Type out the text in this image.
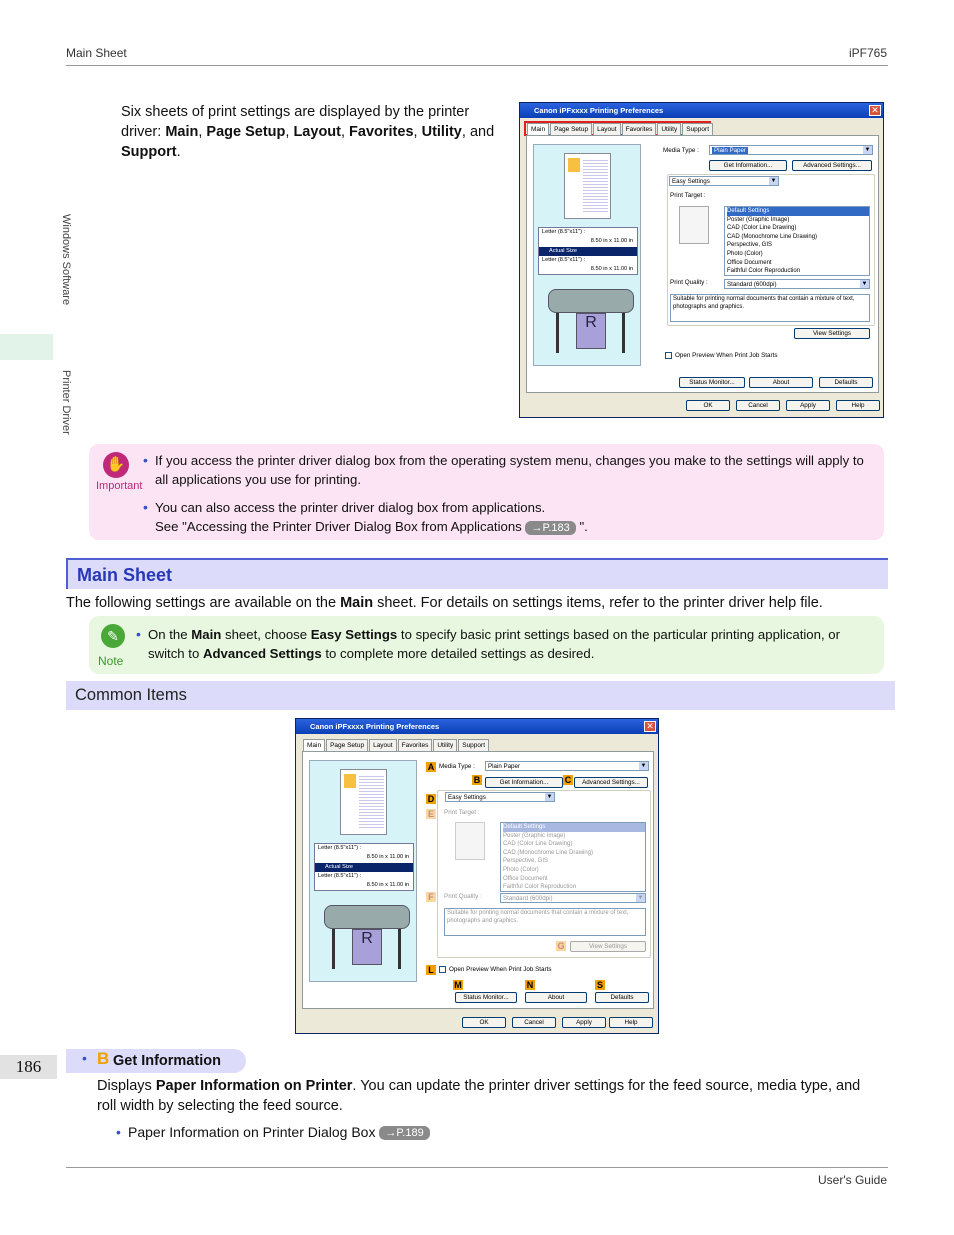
Main Sheet	iPF765
Windows Software
Printer Driver
Six sheets of print settings are displayed by the printer driver: Main, Page Setup, Layout, Favorites, Utility, and Support.
Canon iPFxxxx Printing Preferences	✕
Main	Page Setup	Layout	Favorites	Utility	Support
Letter (8.5"x11") :
8.50 in x 11.00 in
Actual Size
Letter (8.5"x11") :
8.50 in x 11.00 in
R
Media Type :	Plain Paper	▼
Get Information...	Advanced Settings...
Easy Settings	▼
Print Target :
Default Settings
Poster (Graphic Image)
CAD (Color Line Drawing)
CAD (Monochrome Line Drawing)
Perspective, GIS
Photo (Color)
Office Document
Faithful Color Reproduction
Print Quality :	Standard (600dpi)	▼
Suitable for printing normal documents that contain a mixture of text, photographs and graphics.
View Settings
Open Preview When Print Job Starts
Status Monitor...	About	Defaults
OK	Cancel	Apply	Help
✋
Important
• If you access the printer driver dialog box from the operating system menu, changes you make to the settings will apply to all applications you use for printing.
• You can also access the printer driver dialog box from applications.
See "Accessing the Printer Driver Dialog Box from Applications →P.183 ".
Main Sheet
The following settings are available on the Main sheet. For details on settings items, refer to the printer driver help file.
✎
Note
• On the Main sheet, choose Easy Settings to specify basic print settings based on the particular printing application, or switch to Advanced Settings to complete more detailed settings as desired.
Common Items
Canon iPFxxxx Printing Preferences	✕
Main	Page Setup	Layout	Favorites	Utility	Support
Letter (8.5"x11") :
8.50 in x 11.00 in
Actual Size
Letter (8.5"x11") :
8.50 in x 11.00 in
R
A Media Type :	Plain Paper	▼
B	Get Information...	C	Advanced Settings...
D	Easy Settings	▼
E	Print Target :
Default Settings
Poster (Graphic Image)
CAD (Color Line Drawing)
CAD (Monochrome Line Drawing)
Perspective, GIS
Photo (Color)
Office Document
Faithful Color Reproduction
F	Print Quality :	Standard (600dpi)	▼
Suitable for printing normal documents that contain a mixture of text, photographs and graphics.
G	View Settings
L	Open Preview When Print Job Starts
M
Status Monitor...
N
About
S
Defaults
OK	Cancel	Apply	Help
186	• B Get Information
Displays Paper Information on Printer. You can update the printer driver settings for the feed source, media type, and roll width by selecting the feed source.
• Paper Information on Printer Dialog Box →P.189
User's Guide
